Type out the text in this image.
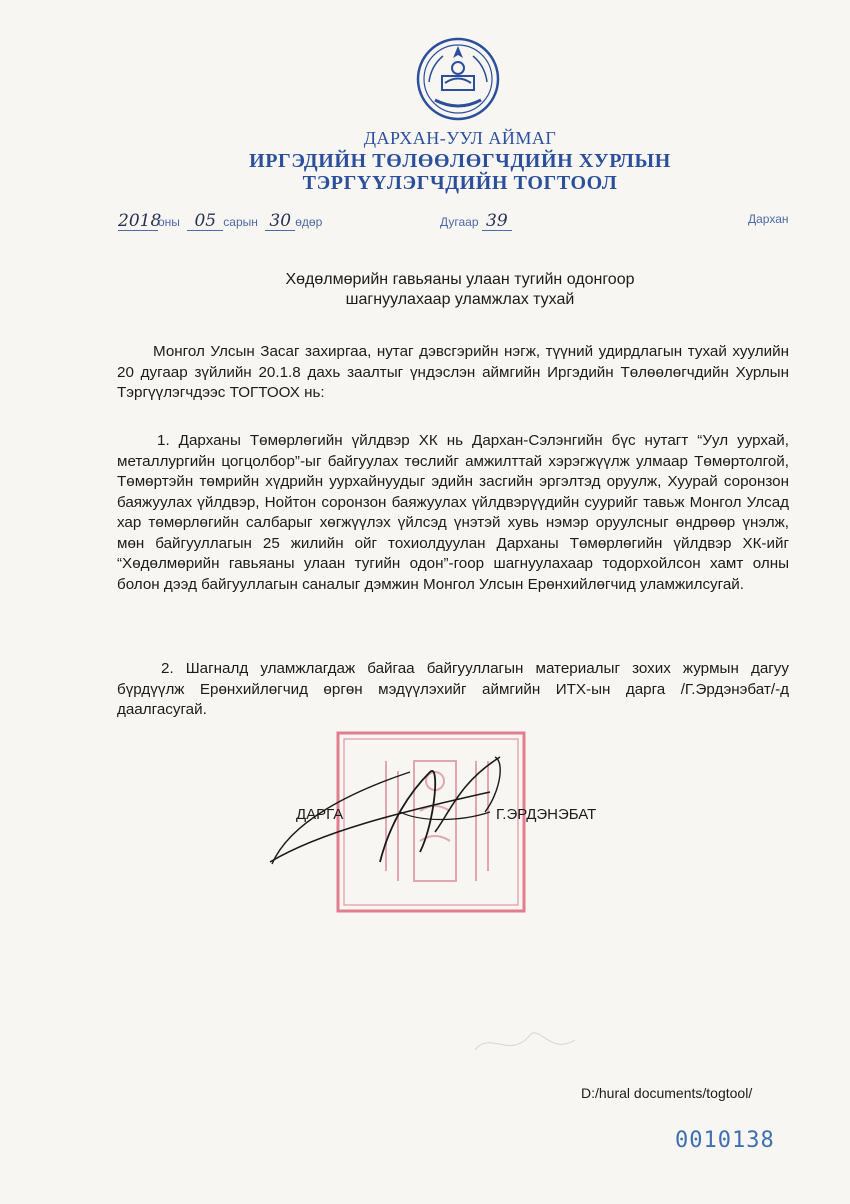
ДАРХАН-УУЛ АЙМАГ
ИРГЭДИЙН ТӨЛӨӨЛӨГЧДИЙН ХУРЛЫН
ТЭРГҮҮЛЭГЧДИЙН ТОГТООЛ
2018оны 05 сарын 30 өдөр	Дугаар 39	Дархан
Хөдөлмөрийн гавьяаны улаан тугийн одонгоор
шагнуулахаар уламжлах тухай

Монгол Улсын Засаг захиргаа, нутаг дэвсгэрийн нэгж, түүний удирдлагын тухай хуулийн 20 дугаар зүйлийн 20.1.8 дахь заалтыг үндэслэн аймгийн Иргэдийн Төлөөлөгчдийн Хурлын Тэргүүлэгчдээс ТОГТООХ нь:

1. Дарханы Төмөрлөгийн үйлдвэр ХК нь Дархан-Сэлэнгийн бүс нутагт “Уул уурхай, металлургийн цогцолбор”-ыг байгуулах төслийг амжилттай хэрэгжүүлж улмаар Төмөртолгой, Төмөртэйн төмрийн хүдрийн уурхайнуудыг эдийн засгийн эргэлтэд оруулж, Хуурай соронзон баяжуулах үйлдвэр, Нойтон соронзон баяжуулах үйлдвэрүүдийн суурийг тавьж Монгол Улсад хар төмөрлөгийн салбарыг хөгжүүлэх үйлсэд үнэтэй хувь нэмэр оруулсныг өндрөөр үнэлж, мөн байгууллагын 25 жилийн ойг тохиолдуулан Дарханы Төмөрлөгийн үйлдвэр ХК-ийг “Хөдөлмөрийн гавьяаны улаан тугийн одон”-гоор шагнуулахаар тодорхойлсон хамт олны болон дээд байгууллагын саналыг дэмжин Монгол Улсын Ерөнхийлөгчид уламжилсугай.

2. Шагналд уламжлагдаж байгаа байгууллагын материалыг зохих журмын дагуу бүрдүүлж Ерөнхийлөгчид өргөн мэдүүлэхийг аймгийн ИТХ-ын дарга /Г.Эрдэнэбат/-д даалгасугай.

ДАРГА	Г.ЭРДЭНЭБАТ
D:/hural documents/togtool/
0010138
